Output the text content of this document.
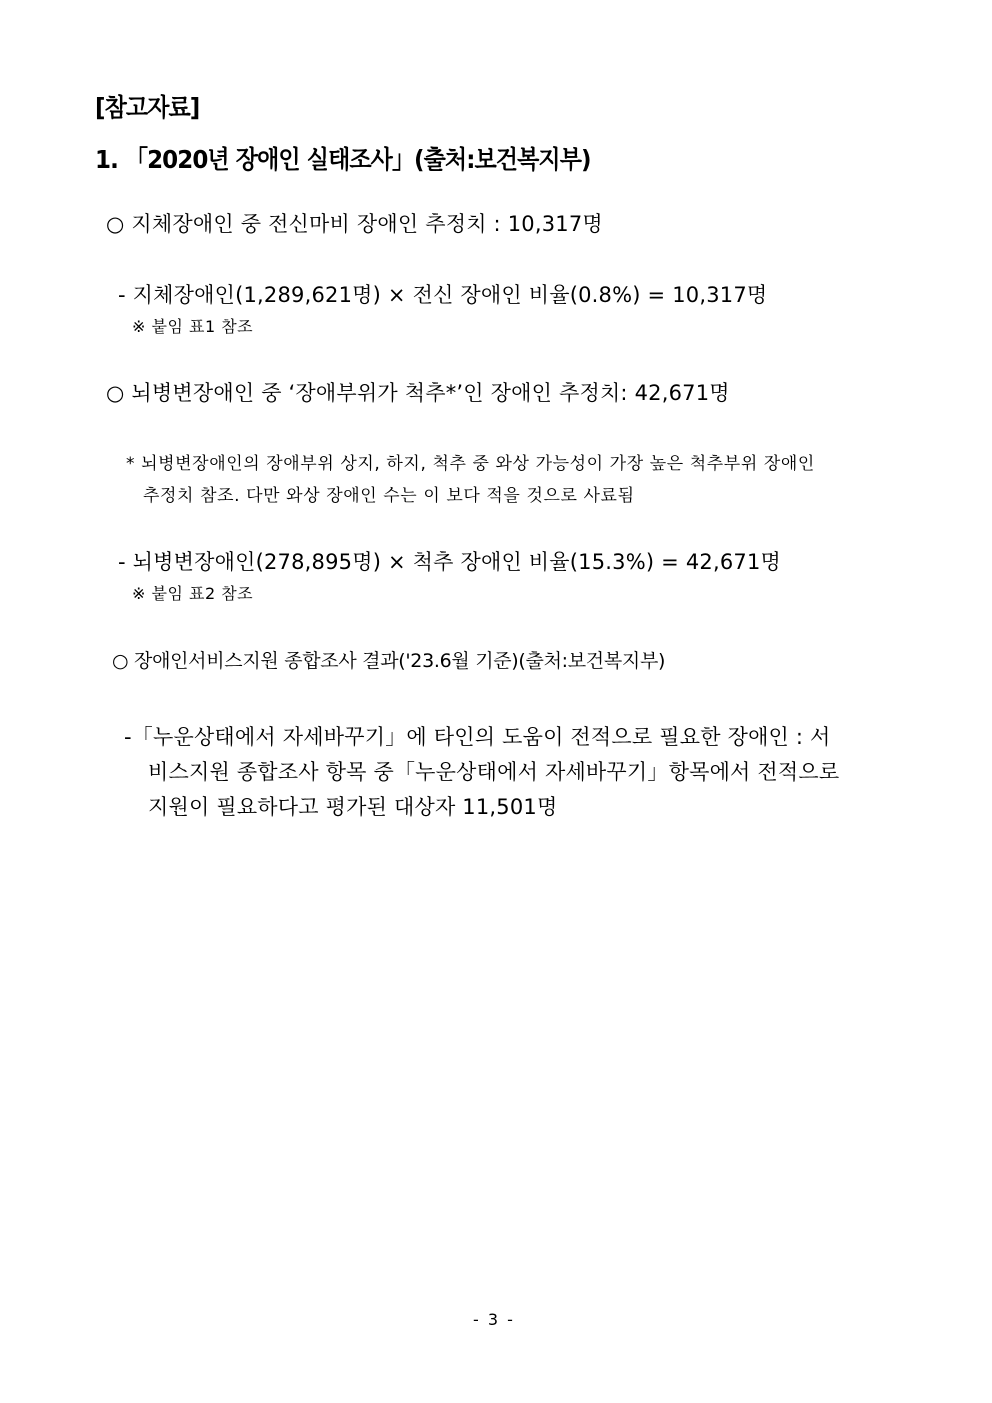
[참고자료]

1. 「2020년 장애인 실태조사」(출처:보건복지부)

○ 지체장애인 중 전신마비 장애인 추정치 : 10,317명

- 지체장애인(1,289,621명) × 전신 장애인 비율(0.8%) = 10,317명

※ 붙임 표1 참조

○ 뇌병변장애인 중 ‘장애부위가 척추*’인 장애인 추정치: 42,671명

* 뇌병변장애인의 장애부위 상지, 하지, 척추 중 와상 가능성이 가장 높은 척추부위 장애인

추정치 참조. 다만 와상 장애인 수는 이 보다 적을 것으로 사료됨

- 뇌병변장애인(278,895명) × 척추 장애인 비율(15.3%) = 42,671명

※ 붙임 표2 참조

○ 장애인서비스지원 종합조사 결과('23.6월 기준)(출처:보건복지부)

-「누운상태에서 자세바꾸기」에 타인의 도움이 전적으로 필요한 장애인 : 서

비스지원 종합조사 항목 중「누운상태에서 자세바꾸기」항목에서 전적으로

지원이 필요하다고 평가된 대상자 11,501명

- 3 -
